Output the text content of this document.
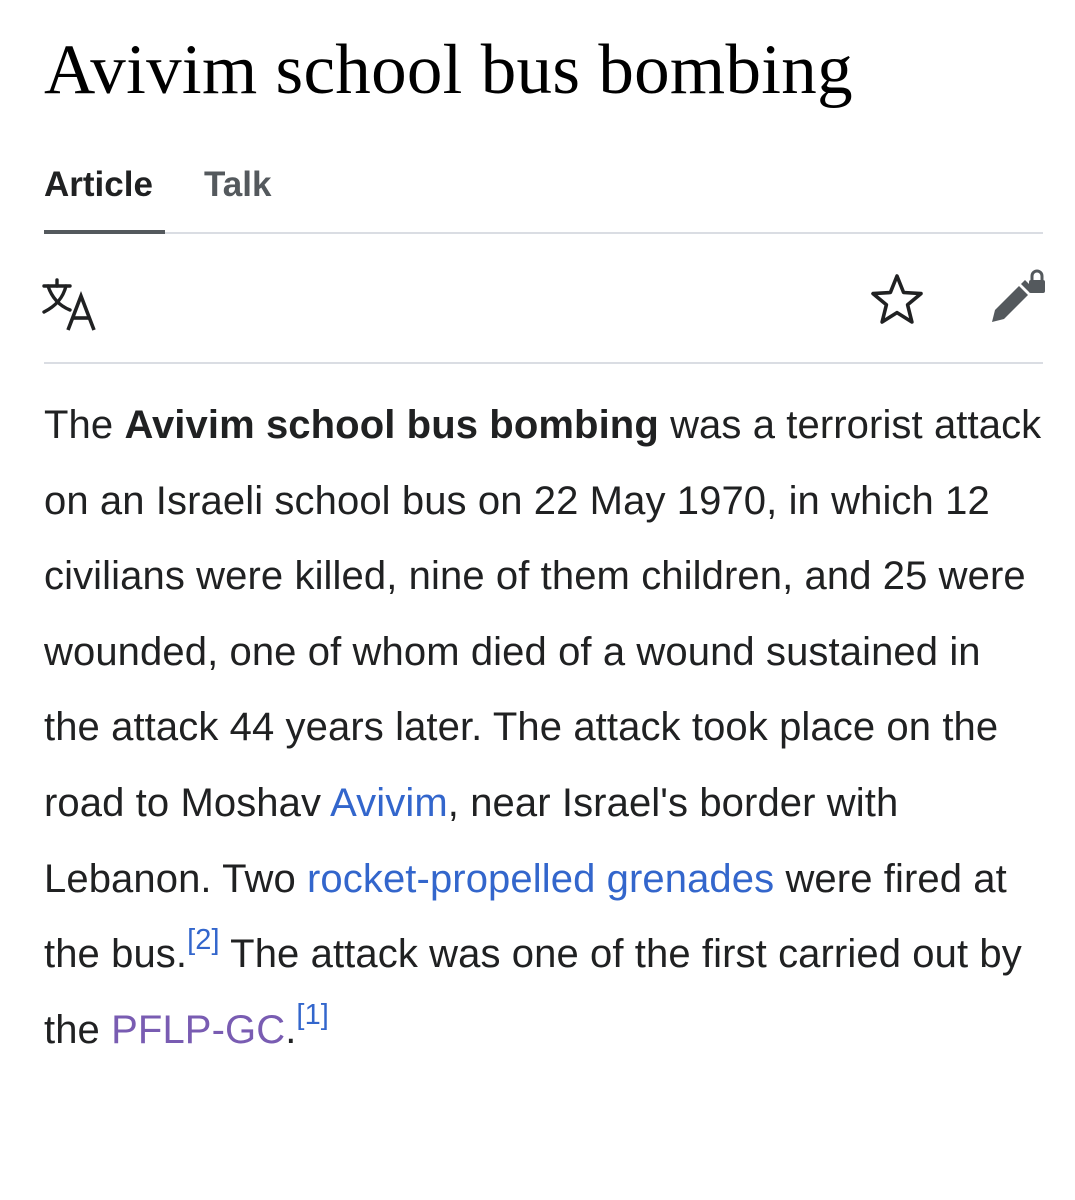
Avivim school bus bombing
Article	Talk

The Avivim school bus bombing was a terrorist attack on an Israeli school bus on 22 May 1970, in which 12 civilians were killed, nine of them children, and 25 were wounded, one of whom died of a wound sustained in the attack 44 years later. The attack took place on the road to Moshav Avivim, near Israel's border with Lebanon. Two rocket-propelled grenades were fired at the bus.[2] The attack was one of the first carried out by the PFLP-GC.[1]
